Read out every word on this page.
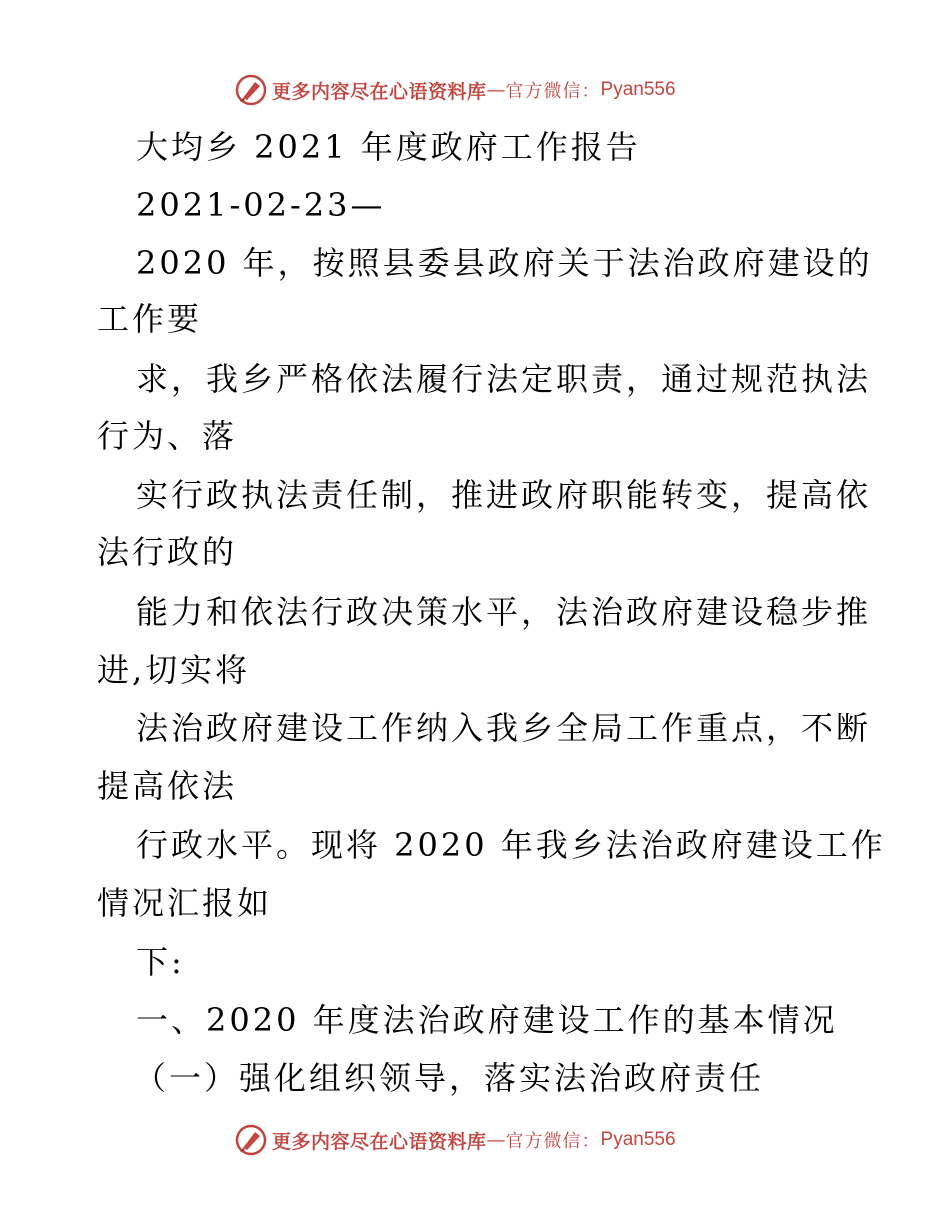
更多内容尽在心语资料库 — 官方微信： Pyan556
大均乡 2021 年度政府工作报告
2021-02-23—
2020 年，按照县委县政府关于法治政府建设的
工作要
求，我乡严格依法履行法定职责，通过规范执法
行为、落
实行政执法责任制，推进政府职能转变，提高依
法行政的
能力和依法行政决策水平，法治政府建设稳步推
进,切实将
法治政府建设工作纳入我乡全局工作重点，不断
提高依法
行政水平。现将 2020 年我乡法治政府建设工作
情况汇报如
下:
一、2020 年度法治政府建设工作的基本情况
（一）强化组织领导，落实法治政府责任
更多内容尽在心语资料库 — 官方微信： Pyan556
